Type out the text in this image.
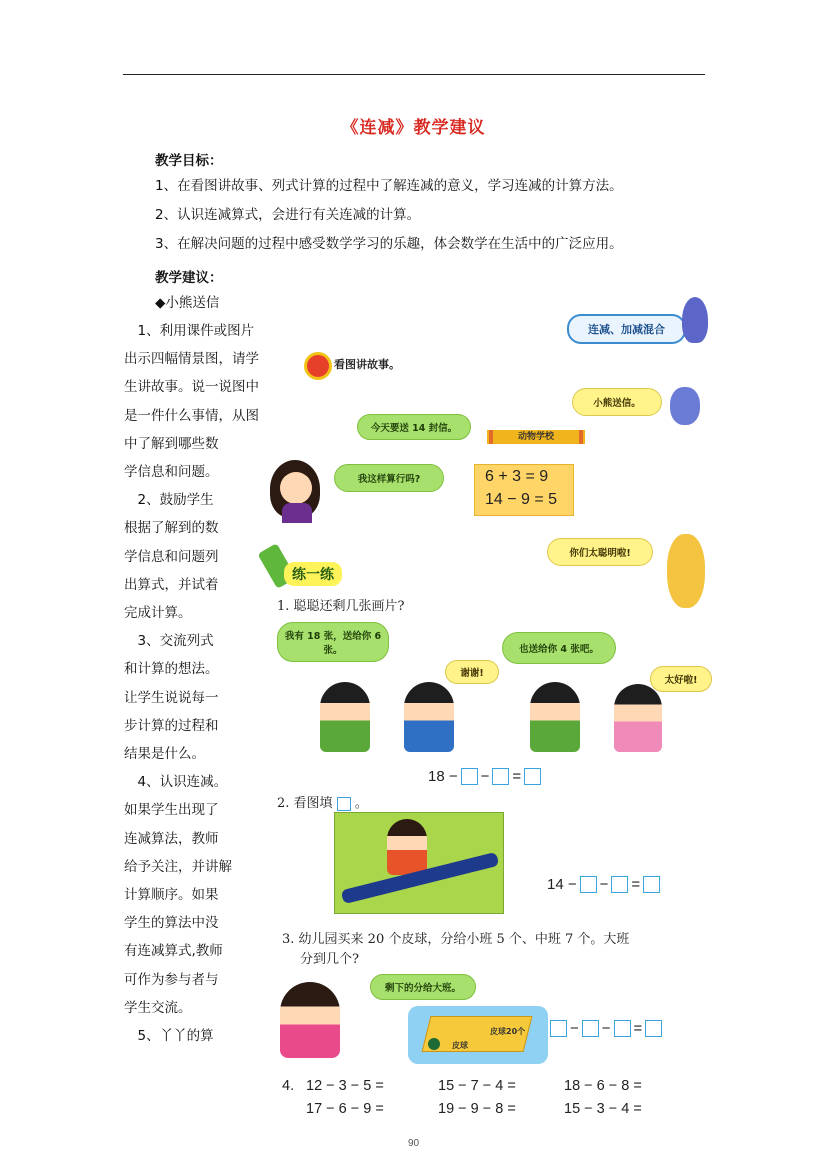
《连减》教学建议
教学目标：
1、在看图讲故事、列式计算的过程中了解连减的意义，学习连减的计算方法。
2、认识连减算式，会进行有关连减的计算。
3、在解决问题的过程中感受数学学习的乐趣，体会数学在生活中的广泛应用。
教学建议：
◆小熊送信
　1、利用课件或图片
出示四幅情景图，请学
生讲故事。说一说图中
是一件什么事情，从图
中了解到哪些数
学信息和问题。
　2、鼓励学生
根据了解到的数
学信息和问题列
出算式，并试着
完成计算。
　3、交流列式
和计算的想法。
让学生说说每一
步计算的过程和
结果是什么。
　4、认识连减。
如果学生出现了
连减算法，教师
给予关注，并讲解
计算顺序。如果
学生的算法中没
有连减算式,教师
可作为参与者与
学生交流。
　5、丫丫的算
连减、加减混合
看图讲故事。
小熊送信。
今天要送 14 封信。
动物学校
我这样算行吗?	6 + 3 = 9
14 − 9 = 5
你们太聪明啦!
练一练
1. 聪聪还剩几张画片?
我有 18 张，送给你 6 张。
谢谢!
也送给你 4 张吧。
太好啦!
18 − − =
2. 看图填 。
14 − − =
3. 幼儿园买来 20 个皮球，分给小班 5 个、中班 7 个。大班
分到几个?
剩下的分给大班。
皮球20个
皮球
− − =
4. 12 − 3 − 5 =	15 − 7 − 4 =	18 − 6 − 8 =
17 − 6 − 9 =	19 − 9 − 8 =	15 − 3 − 4 =
90
